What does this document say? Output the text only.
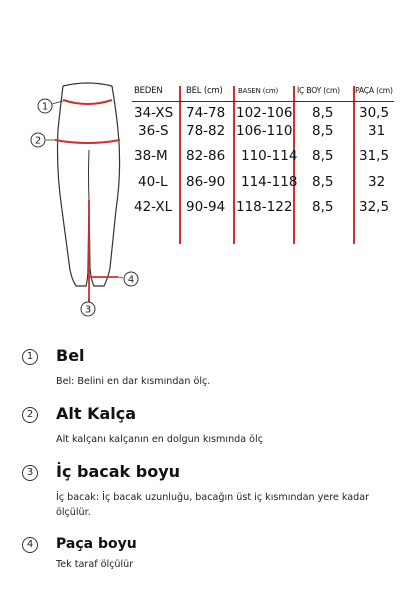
1
2
3
4
BEDEN	BEL (cm) BASEN (cm) İÇ BOY (cm) PAÇA (cm)
34-XS 74-78 102-106 8,5 30,5
36-S 78-82 106-110 8,5	31
38-M 82-86 110-114 8,5 31,5
40-L 86-90 114-118 8,5	32
42-XL 90-94 118-122 8,5 32,5
1	Bel
Bel: Belini en dar kısmından ölç.
2	Alt Kalça
Alt kalçanı kalçanın en dolgun kısmında ölç
3	İç bacak boyu
İç bacak: İç bacak uzunluğu, bacağın üst iç kısmından yere kadar ölçülür.
4	Paça boyu
Tek taraf ölçülür
